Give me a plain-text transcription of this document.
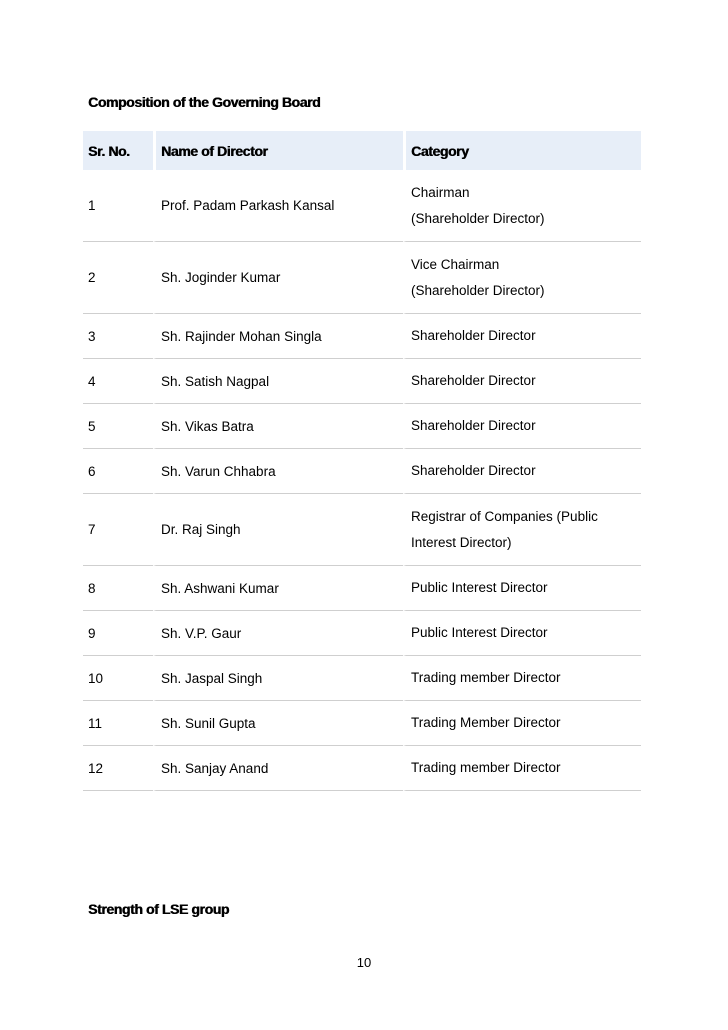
Composition of the Governing Board
Sr. No.	Name of Director	Category
1	Prof. Padam Parkash Kansal	Chairman
(Shareholder Director)

2	Sh. Joginder Kumar	Vice Chairman
(Shareholder Director)

3	Sh. Rajinder Mohan Singla	Shareholder Director

4	Sh. Satish Nagpal	Shareholder Director

5	Sh. Vikas Batra	Shareholder Director

6	Sh. Varun Chhabra	Shareholder Director

7	Dr. Raj Singh	Registrar of Companies (Public
Interest Director)

8	Sh. Ashwani Kumar	Public Interest Director

9	Sh. V.P. Gaur	Public Interest Director

10	Sh. Jaspal Singh	Trading member Director

11	Sh. Sunil Gupta	Trading Member Director

12	Sh. Sanjay Anand	Trading member Director
Strength of LSE group
10
